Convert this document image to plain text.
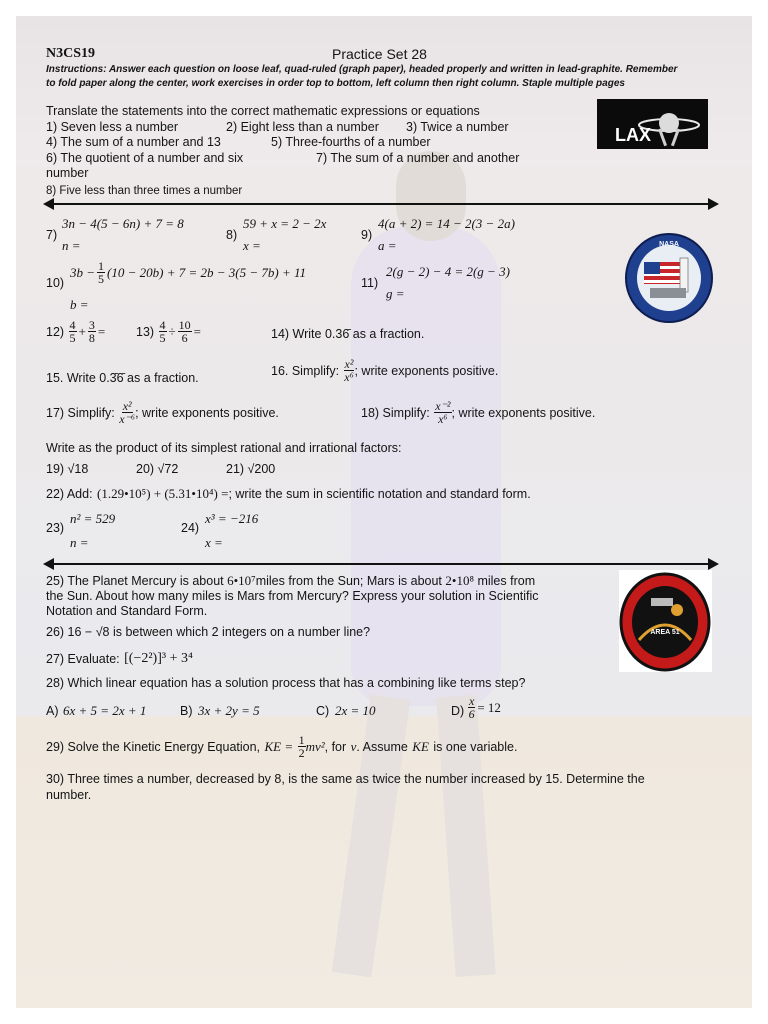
N3CS19	Practice Set 28
Instructions: Answer each question on loose leaf, quad-ruled (graph paper), headed properly and written in lead-graphite. Remember
to fold paper along the center, work exercises in order top to bottom, left column then right column. Staple multiple pages
Translate the statements into the correct mathematic expressions or equations
1) Seven less a number	2) Eight less than a number 3) Twice a number
4) The sum of a number and 13	5) Three-fourths of a number
6) The quotient of a number and six	7) The sum of a number and another
number
8) Five less than three times a number
LAX
7)
3n − 4(5 − 6n) + 7 = 8
n =
8)
59 + x = 2 − 2x
x =
9)
4(a + 2) = 14 − 2(3 − 2a)
a =	NASA
10)
$3b - \frac{1}{5} (10 - 20b) + 7 = 2b - 3(5 - 7b) + 11$
b =
11)
2(g − 2) − 4 = 2(g − 3)
g =
12)
$\frac{4}{5} + \frac{3}{8} = 13$)
$\frac{4}{5} \div \frac{10}{6}$ =	14) Write 0.36̄ as a fraction.
15. Write 0.3̄6̄ as a fraction.
16. Simplify:
$\frac{\text{x²}}{\text{x⁶}}$ ; write exponents positive.
17) Simplify:
$\frac{\text{x²}}{\text{x⁻⁶}}$ ; write exponents positive.	18) Simplify:
$\frac{\text{x⁻²}}{\text{x⁶}}$ ; write exponents positive.
Write as the product of its simplest rational and irrational factors:
19) √18	20) √72	21) √200
22) Add:
(1.29•10⁵) + (5.31•10⁴) = ; write the sum in scientific notation and standard form.
23)
n² = 529
n =
24)
x³ = −216
x =
AREA 51
25) The Planet Mercury is about
6•10⁷ miles from the Sun; Mars is about
2•10⁸
miles from
the Sun. About how many miles is Mars from Mercury? Express your solution in Scientific
Notation and Standard Form.
26) 16 − √8 is between which 2 integers on a number line?
27) Evaluate:
[(−2²)]³ + 3⁴
28) Which linear equation has a solution process that has a combining like terms step?
A) 6x + 5 = 2x + 1	B) 3x + 2y = 5	C) 2x = 10	$D) \frac{x}{6} = 12$
29) Solve the Kinetic Energy Equation,
KE =
$\frac{1}{2} mv^2$ , for
v . Assume
KE
is one variable.
30) Three times a number, decreased by 8, is the same as twice the number increased by 15. Determine the
number.
